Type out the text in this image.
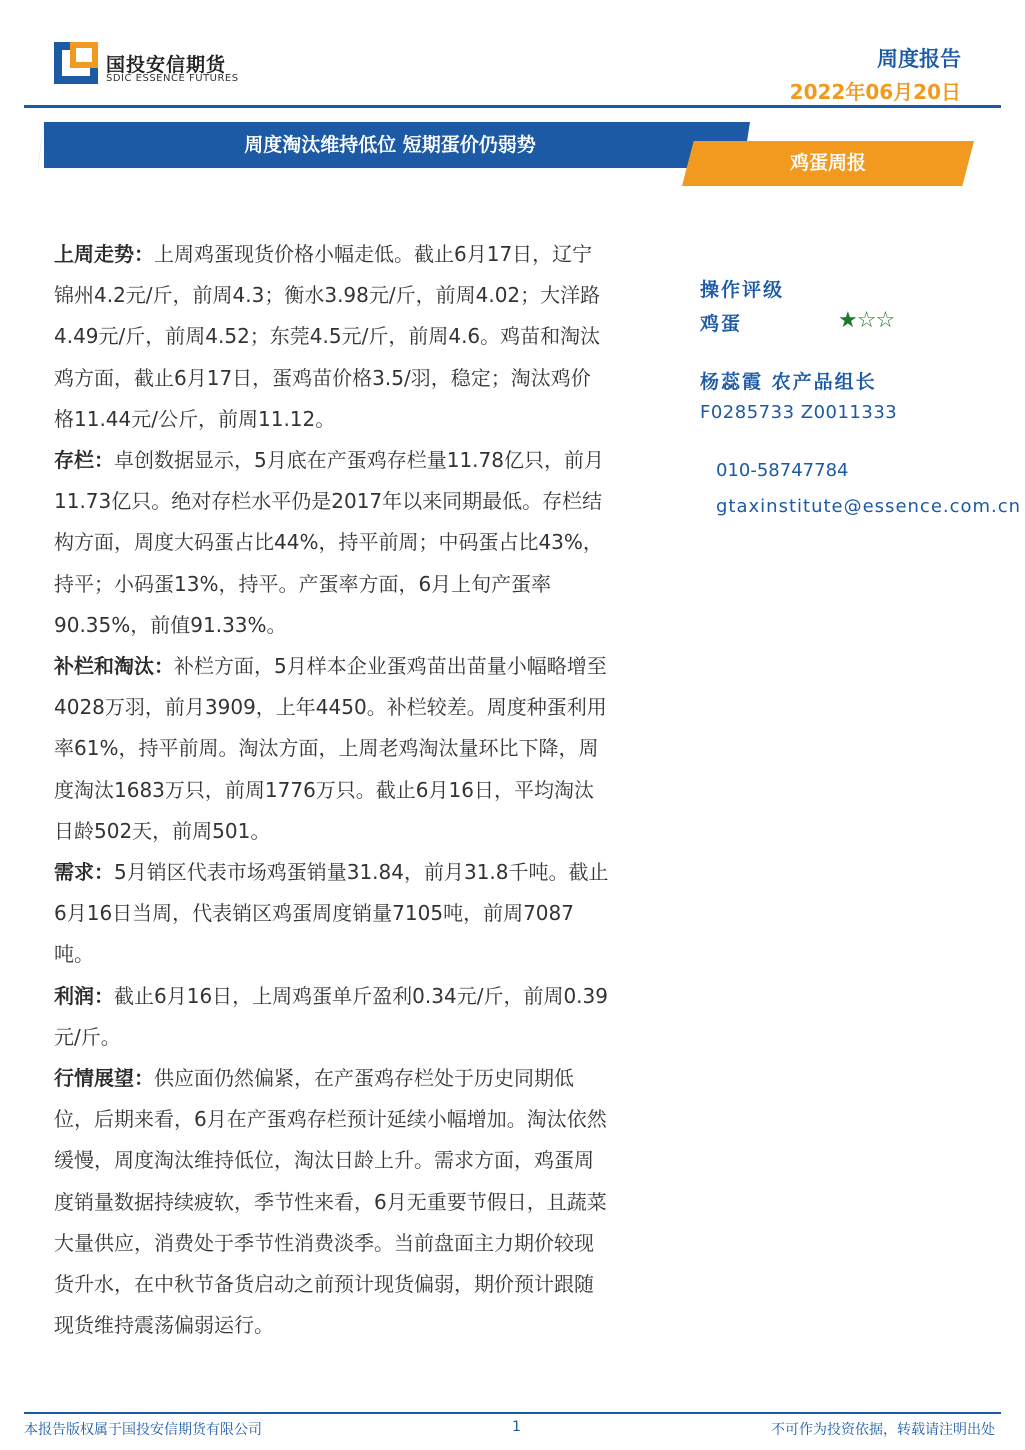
国投安信期货
SDIC ESSENCE FUTURES
周度报告
2022年06月20日
周度淘汰维持低位 短期蛋价仍弱势
鸡蛋周报

上周走势：上周鸡蛋现货价格小幅走低。截止6月17日，辽宁锦州4.2元/斤，前周4.3；衡水3.98元/斤，前周4.02；大洋路4.49元/斤，前周4.52；东莞4.5元/斤，前周4.6。鸡苗和淘汰鸡方面，截止6月17日，蛋鸡苗价格3.5/羽，稳定；淘汰鸡价格11.44元/公斤，前周11.12。

存栏：卓创数据显示，5月底在产蛋鸡存栏量11.78亿只，前月11.73亿只。绝对存栏水平仍是2017年以来同期最低。存栏结构方面，周度大码蛋占比44%，持平前周；中码蛋占比43%，持平；小码蛋13%，持平。产蛋率方面，6月上旬产蛋率90.35%，前值91.33%。

补栏和淘汰：补栏方面，5月样本企业蛋鸡苗出苗量小幅略增至4028万羽，前月3909，上年4450。补栏较差。周度种蛋利用率61%，持平前周。淘汰方面，上周老鸡淘汰量环比下降，周度淘汰1683万只，前周1776万只。截止6月16日，平均淘汰日龄502天，前周501。

需求：5月销区代表市场鸡蛋销量31.84，前月31.8千吨。截止6月16日当周，代表销区鸡蛋周度销量7105吨，前周7087吨。

利润：截止6月16日，上周鸡蛋单斤盈利0.34元/斤，前周0.39元/斤。

行情展望：供应面仍然偏紧，在产蛋鸡存栏处于历史同期低位，后期来看，6月在产蛋鸡存栏预计延续小幅增加。淘汰依然缓慢，周度淘汰维持低位，淘汰日龄上升。需求方面，鸡蛋周度销量数据持续疲软，季节性来看，6月无重要节假日，且蔬菜大量供应，消费处于季节性消费淡季。当前盘面主力期价较现货升水，在中秋节备货启动之前预计现货偏弱，期价预计跟随现货维持震荡偏弱运行。

操作评级
鸡蛋	★☆☆
杨蕊霞 农产品组长
F0285733 Z0011333
010-58747784
gtaxinstitute@essence.com.cn
本报告版权属于国投安信期货有限公司	1	不可作为投资依据，转载请注明出处
